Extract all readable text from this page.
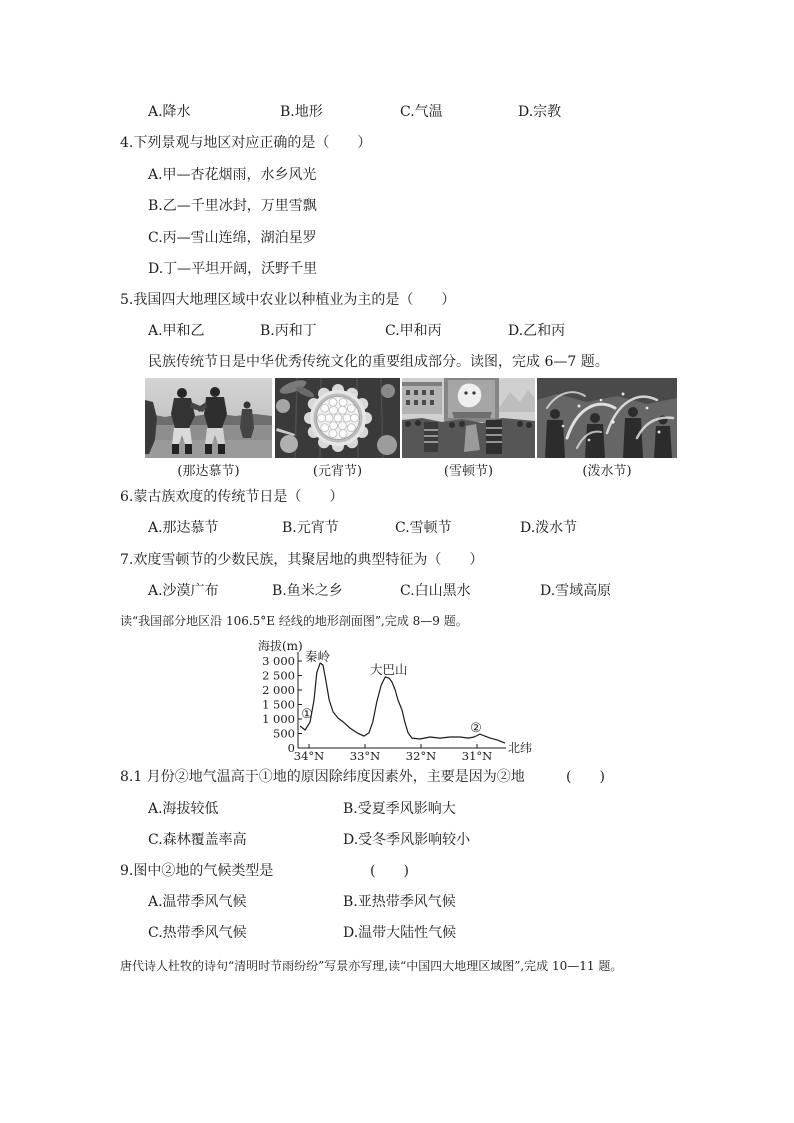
A.降水	B.地形	C.气温	D.宗教
4.下列景观与地区对应正确的是（　　）
A.甲—杏花烟雨，水乡风光
B.乙—千里冰封，万里雪飘
C.丙—雪山连绵，湖泊星罗
D.丁—平坦开阔，沃野千里
5.我国四大地理区域中农业以种植业为主的是（　　）
A.甲和乙	B.丙和丁	C.甲和丙	D.乙和丙
民族传统节日是中华优秀传统文化的重要组成部分。读图，完成 6—7 题。
(那达慕节)	(元宵节)	(雪顿节)	(泼水节)
6.蒙古族欢度的传统节日是（　　）
A.那达慕节	B.元宵节	C.雪顿节	D.泼水节
7.欢度雪顿节的少数民族，其聚居地的典型特征为（　　）
A.沙漠广布	B.鱼米之乡	C.白山黑水	D.雪域高原
读“我国部分地区沿 106.5°E 经线的地形剖面图”,完成 8—9 题。
海拔(m)
3 000
2 500
2 000
1 500
1 000
500
0
34°N 33°N 32°N 31°N
北纬
秦岭
大巴山
①
②
8.1 月份②地气温高于①地的原因除纬度因素外，主要是因为②地	(　　)
A.海拔较低	B.受夏季风影响大
C.森林覆盖率高	D.受冬季风影响较小
9.图中②地的气候类型是	(　　)
A.温带季风气候	B.亚热带季风气候
C.热带季风气候	D.温带大陆性气候
唐代诗人杜牧的诗句“清明时节雨纷纷”写景亦写理,读“中国四大地理区域图”,完成 10—11 题。
